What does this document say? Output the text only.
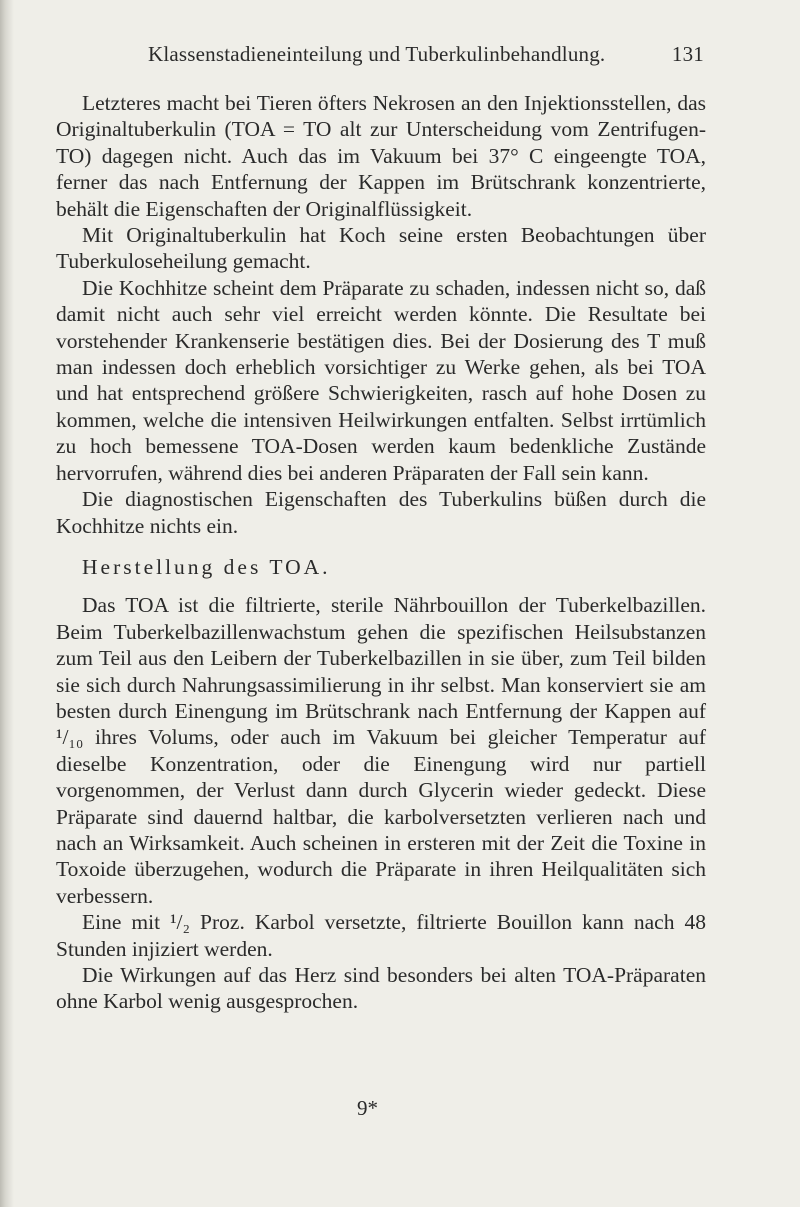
Klassenstadieneinteilung und Tuberkulinbehandlung.	131

Letzteres macht bei Tieren öfters Nekrosen an den Injektionsstellen, das Originaltuberkulin (TOA = TO alt zur Unterscheidung vom Zentrifugen-TO) dagegen nicht. Auch das im Vakuum bei 37° C eingeengte TOA, ferner das nach Entfernung der Kappen im Brütschrank konzentrierte, behält die Eigenschaften der Originalflüssigkeit.

Mit Originaltuberkulin hat Koch seine ersten Beobachtungen über Tuberkuloseheilung gemacht.

Die Kochhitze scheint dem Präparate zu schaden, indessen nicht so, daß damit nicht auch sehr viel erreicht werden könnte. Die Resultate bei vorstehender Krankenserie bestätigen dies. Bei der Dosierung des T muß man indessen doch erheblich vorsichtiger zu Werke gehen, als bei TOA und hat entsprechend größere Schwierigkeiten, rasch auf hohe Dosen zu kommen, welche die intensiven Heilwirkungen entfalten. Selbst irrtümlich zu hoch bemessene TOA-Dosen werden kaum bedenkliche Zustände hervorrufen, während dies bei anderen Präparaten der Fall sein kann.

Die diagnostischen Eigenschaften des Tuberkulins büßen durch die Kochhitze nichts ein.

Herstellung des TOA.

Das TOA ist die filtrierte, sterile Nährbouillon der Tuberkelbazillen. Beim Tuberkelbazillenwachstum gehen die spezifischen Heilsubstanzen zum Teil aus den Leibern der Tuberkelbazillen in sie über, zum Teil bilden sie sich durch Nahrungsassimilierung in ihr selbst. Man konserviert sie am besten durch Einengung im Brütschrank nach Entfernung der Kappen auf ¹/₁₀ ihres Volums, oder auch im Vakuum bei gleicher Temperatur auf dieselbe Konzentration, oder die Einengung wird nur partiell vorgenommen, der Verlust dann durch Glycerin wieder gedeckt. Diese Präparate sind dauernd haltbar, die karbolversetzten verlieren nach und nach an Wirksamkeit. Auch scheinen in ersteren mit der Zeit die Toxine in Toxoide überzugehen, wodurch die Präparate in ihren Heilqualitäten sich verbessern.

Eine mit ¹/₂ Proz. Karbol versetzte, filtrierte Bouillon kann nach 48 Stunden injiziert werden.

Die Wirkungen auf das Herz sind besonders bei alten TOA-Präparaten ohne Karbol wenig ausgesprochen.

9*
